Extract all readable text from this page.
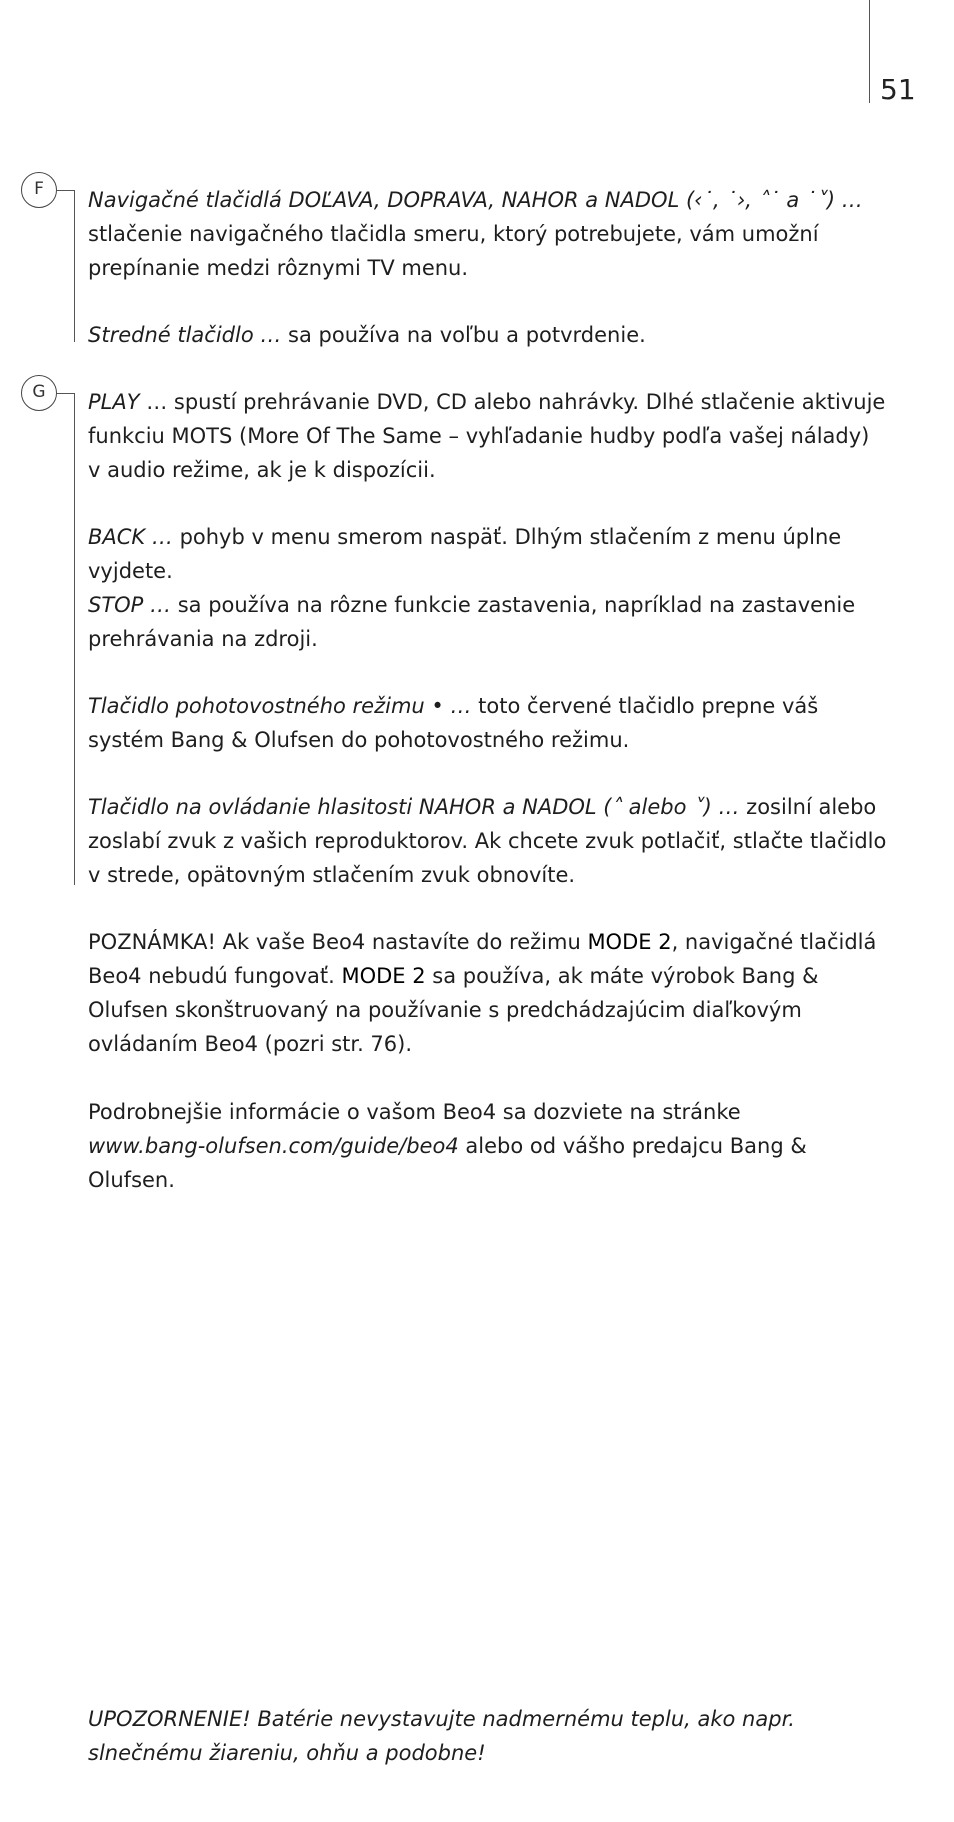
51
F	Navigačné tlačidlá DOĽAVA, DOPRAVA, NAHOR a NADOL (‹˙, ˙›, ˄˙ a ˙˅) …
stlačenie navigačného tlačidla smeru, ktorý potrebujete, vám umožní prepínanie medzi rôznymi TV menu.

Stredné tlačidlo … sa používa na voľbu a potvrdenie.

G	PLAY … spustí prehrávanie DVD, CD alebo nahrávky. Dlhé stlačenie aktivuje funkciu MOTS (More Of The Same – vyhľadanie hudby podľa vašej nálady) v audio režime, ak je k dispozícii.

BACK … pohyb v menu smerom naspäť. Dlhým stlačením z menu úplne vyjdete.

STOP … sa používa na rôzne funkcie zastavenia, napríklad na zastavenie prehrávania na zdroji.

Tlačidlo pohotovostného režimu • … toto červené tlačidlo prepne váš systém Bang & Olufsen do pohotovostného režimu.

Tlačidlo na ovládanie hlasitosti NAHOR a NADOL (˄ alebo ˅) … zosilní alebo zoslabí zvuk z vašich reproduktorov. Ak chcete zvuk potlačiť, stlačte tlačidlo v strede, opätovným stlačením zvuk obnovíte.

POZNÁMKA! Ak vaše Beo4 nastavíte do režimu MODE 2, navigačné tlačidlá Beo4 nebudú fungovať. MODE 2 sa používa, ak máte výrobok Bang & Olufsen skonštruovaný na používanie s predchádzajúcim diaľkovým ovládaním Beo4 (pozri str. 76).

Podrobnejšie informácie o vašom Beo4 sa dozviete na stránke
www.bang-olufsen.com/guide/beo4 alebo od vášho predajcu Bang & Olufsen.

UPOZORNENIE! Batérie nevystavujte nadmernému teplu, ako napr. slnečnému žiareniu, ohňu a podobne!
